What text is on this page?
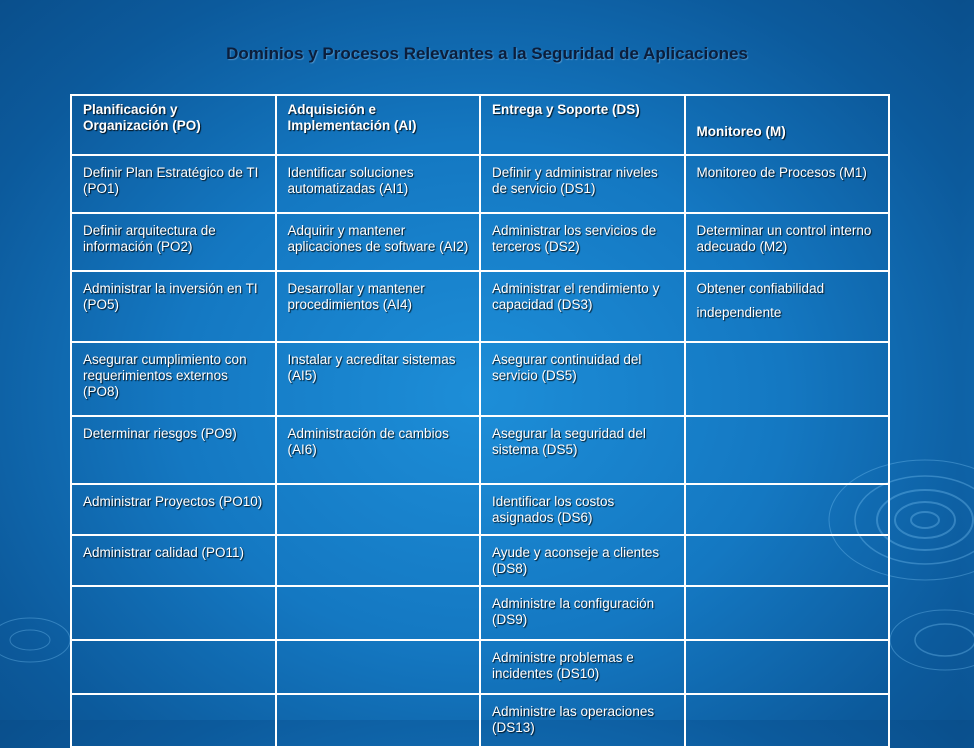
Dominios y Procesos Relevantes a la Seguridad de Aplicaciones
Planificación y Organización (PO)	Adquisición e Implementación (AI)	Entrega y Soporte (DS)	Monitoreo (M)
Definir Plan Estratégico de TI (PO1)	Identificar soluciones automatizadas (AI1)	Definir y administrar niveles de servicio (DS1)	Monitoreo de Procesos (M1)
Definir arquitectura de información (PO2)	Adquirir y mantener aplicaciones de software (AI2)	Administrar los servicios de terceros (DS2)	Determinar un control interno adecuado (M2)
Administrar la inversión en TI (PO5)	Desarrollar y mantener procedimientos (AI4)	Administrar el rendimiento y capacidad (DS3)	Obtener confiabilidad
independiente
Asegurar cumplimiento con requerimientos externos (PO8)	Instalar y acreditar sistemas (AI5)	Asegurar continuidad del servicio (DS5)	
Determinar riesgos (PO9)	Administración de cambios (AI6)	Asegurar la seguridad del sistema (DS5)	
Administrar Proyectos (PO10)		Identificar los costos asignados (DS6)	
Administrar calidad (PO11)		Ayude y aconseje a clientes (DS8)	
		Administre la configuración (DS9)	
		Administre problemas e incidentes (DS10)	
		Administre las operaciones (DS13)	
